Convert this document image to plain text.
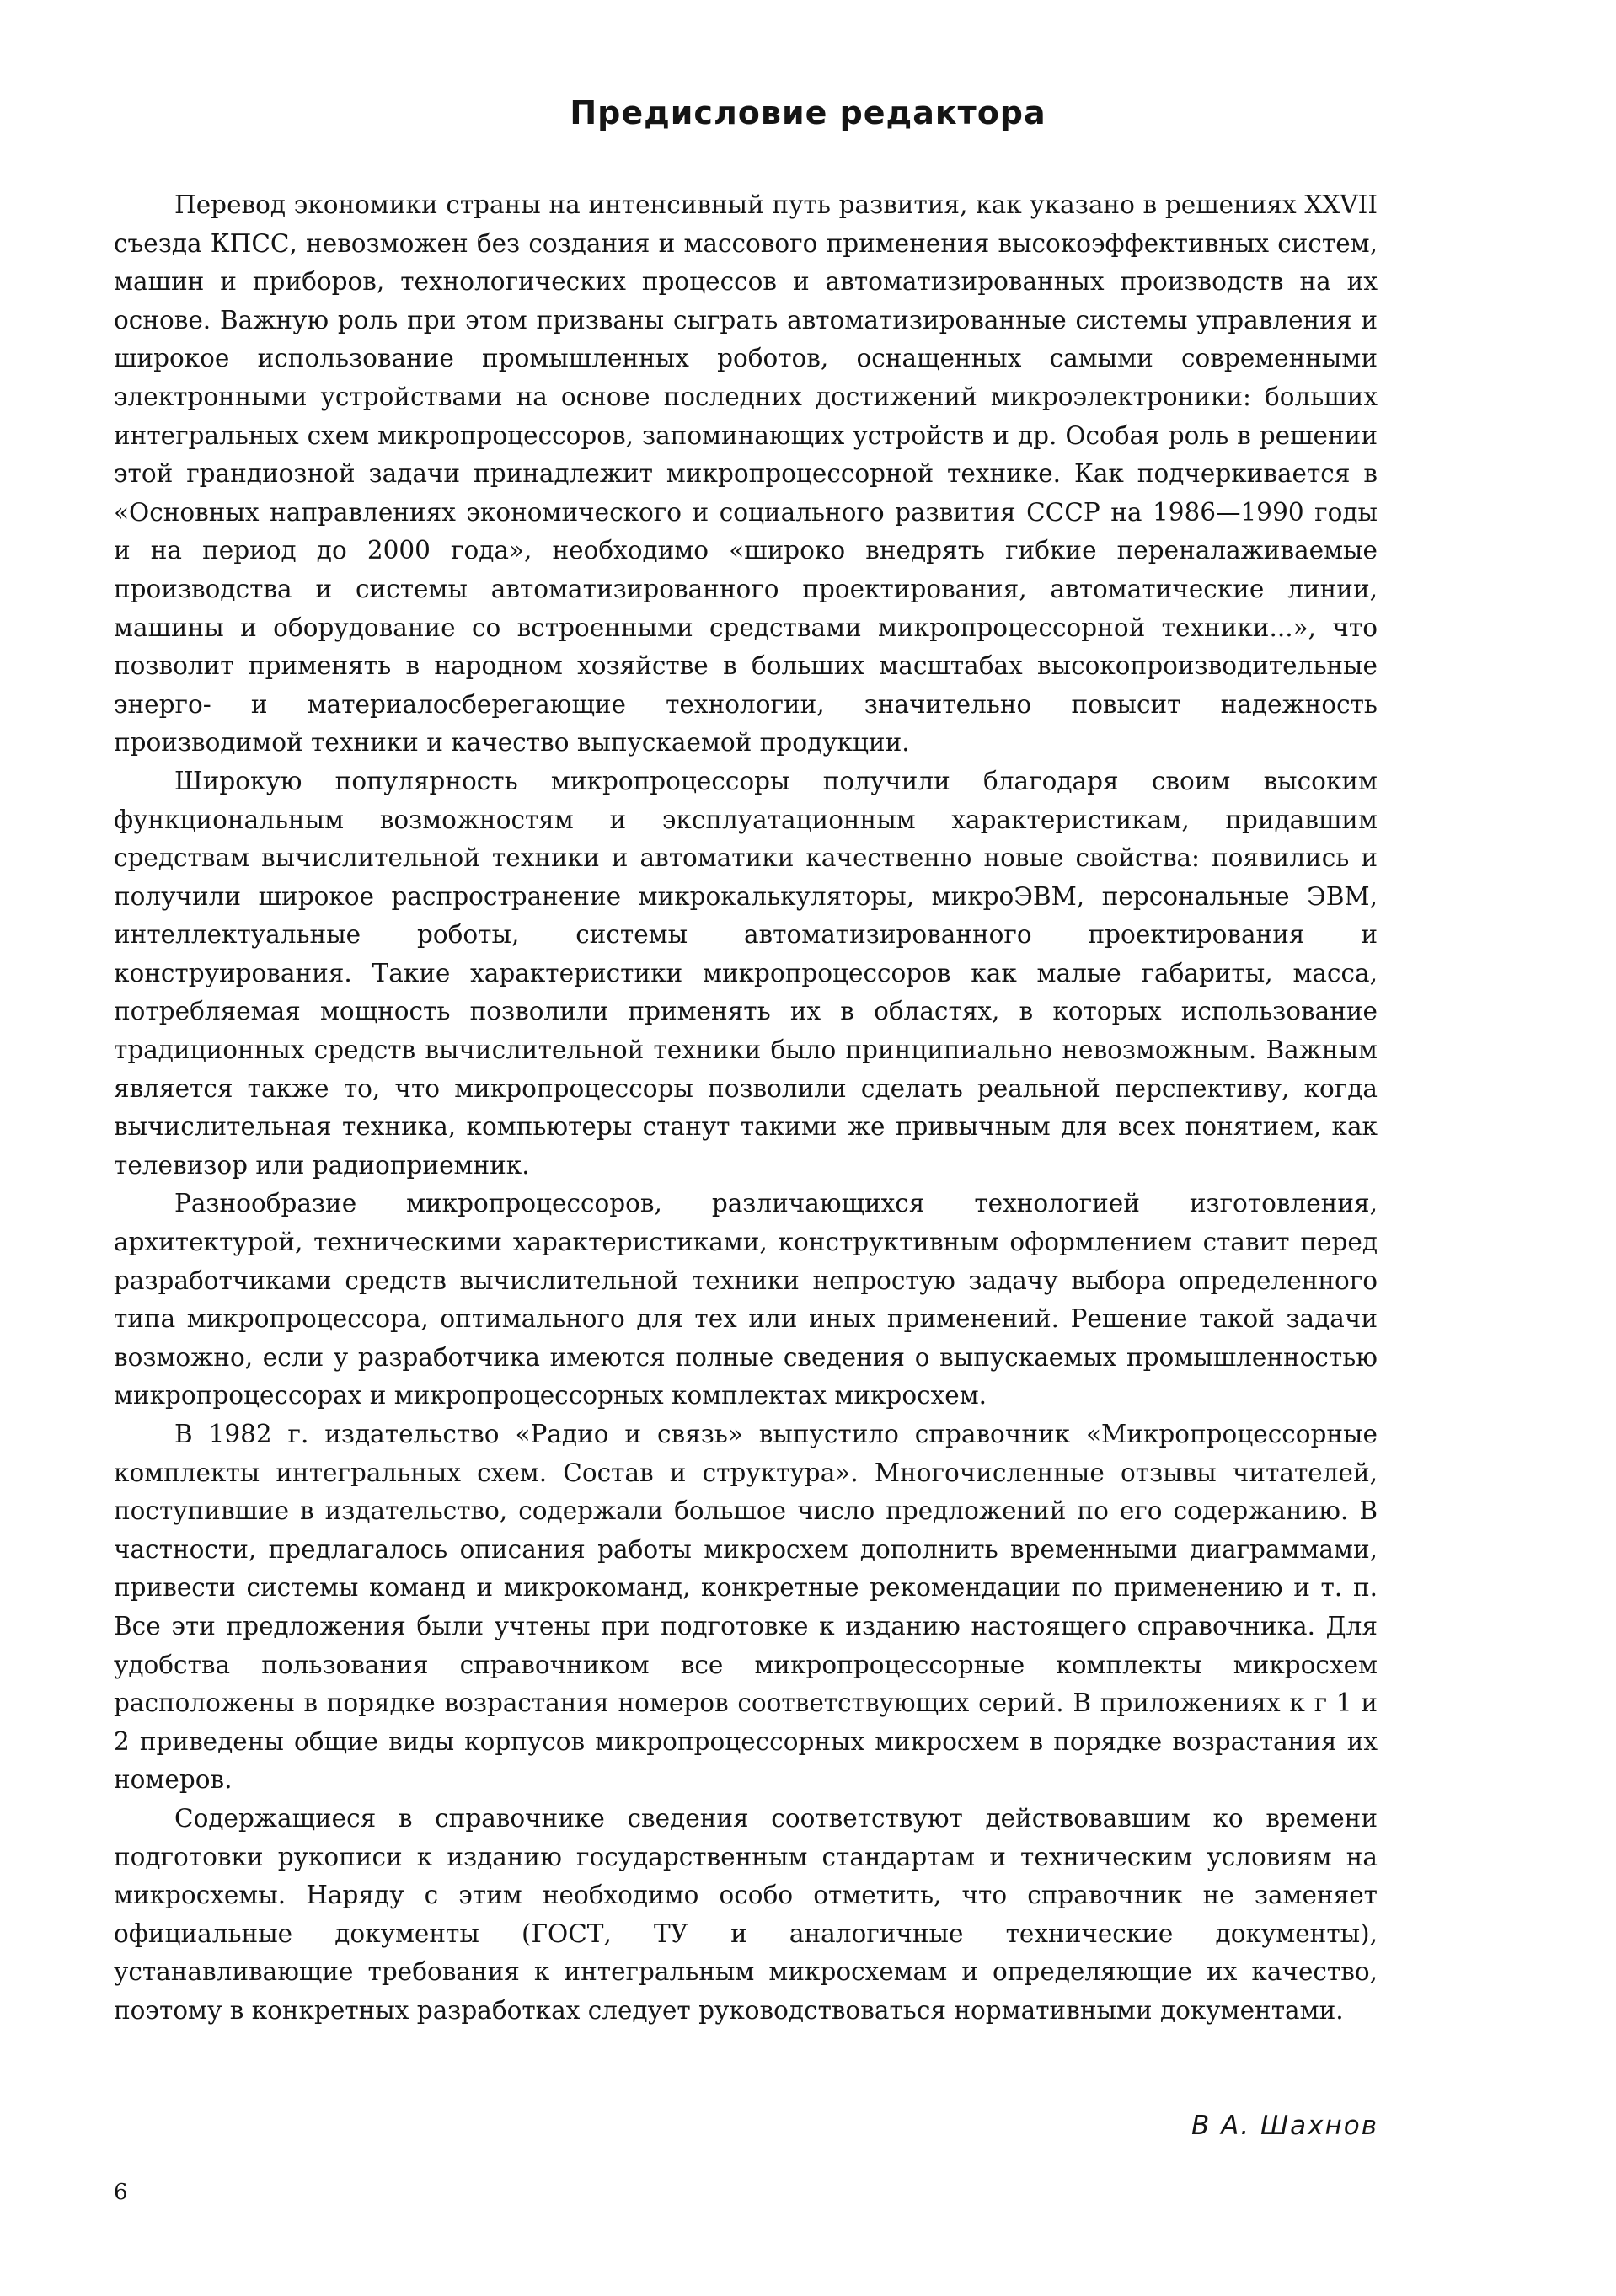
Предисловие редактора

Перевод экономики страны на интенсивный путь развития, как указано в решениях XXVII съезда КПСС, невозможен без создания и массового применения высокоэффективных систем, машин и приборов, технологических процессов и автоматизированных производств на их основе. Важную роль при этом призваны сыграть автоматизированные системы управления и широкое использование промышленных роботов, оснащенных самыми современными электронными устройствами на основе последних достижений микроэлектроники: больших интегральных схем микропроцессоров, запоминающих устройств и др. Особая роль в решении этой грандиозной задачи принадлежит микропроцессорной технике. Как подчеркивается в «Основных направлениях экономического и социального развития СССР на 1986—1990 годы и на период до 2000 года», необходимо «широко внедрять гибкие переналаживаемые производства и системы автоматизированного проектирования, автоматические линии, машины и оборудование со встроенными средствами микропроцессорной техники...», что позволит применять в народном хозяйстве в больших масштабах высокопроизводительные энерго- и материалосберегающие технологии, значительно повысит надежность производимой техники и качество выпускаемой продукции.

Широкую популярность микропроцессоры получили благодаря своим высоким функциональным возможностям и эксплуатационным характеристикам, придавшим средствам вычислительной техники и автоматики качественно новые свойства: появились и получили широкое распространение микрокалькуляторы, микроЭВМ, персональные ЭВМ, интеллектуальные роботы, системы автоматизированного проектирования и конструирования. Такие характеристики микропроцессоров как малые габариты, масса, потребляемая мощность позволили применять их в областях, в которых использование традиционных средств вычислительной техники было принципиально невозможным. Важным является также то, что микропроцессоры позволили сделать реальной перспективу, когда вычислительная техника, компьютеры станут такими же привычным для всех понятием, как телевизор или радиоприемник.

Разнообразие микропроцессоров, различающихся технологией изготовления, архитектурой, техническими характеристиками, конструктивным оформлением ставит перед разработчиками средств вычислительной техники непростую задачу выбора определенного типа микропроцессора, оптимального для тех или иных применений. Решение такой задачи возможно, если у разработчика имеются полные сведения о выпускаемых промышленностью микропроцессорах и микропроцессорных комплектах микросхем.

В 1982 г. издательство «Радио и связь» выпустило справочник «Микропроцессорные комплекты интегральных схем. Состав и структура». Многочисленные отзывы читателей, поступившие в издательство, содержали большое число предложений по его содержанию. В частности, предлагалось описания работы микросхем дополнить временными диаграммами, привести системы команд и микрокоманд, конкретные рекомендации по применению и т. п. Все эти предложения были учтены при подготовке к изданию настоящего справочника. Для удобства пользования справочником все микропроцессорные комплекты микросхем расположены в порядке возрастания номеров соответствующих серий. В приложениях к г 1 и 2 приведены общие виды корпусов микропроцессорных микросхем в порядке возрастания их номеров.

Содержащиеся в справочнике сведения соответствуют действовавшим ко времени подготовки рукописи к изданию государственным стандартам и техническим условиям на микросхемы. Наряду с этим необходимо особо отметить, что справочник не заменяет официальные документы (ГОСТ, ТУ и аналогичные технические документы), устанавливающие требования к интегральным микросхемам и определяющие их качество, поэтому в конкретных разработках следует руководствоваться нормативными документами.

В А. Шахнов

6
